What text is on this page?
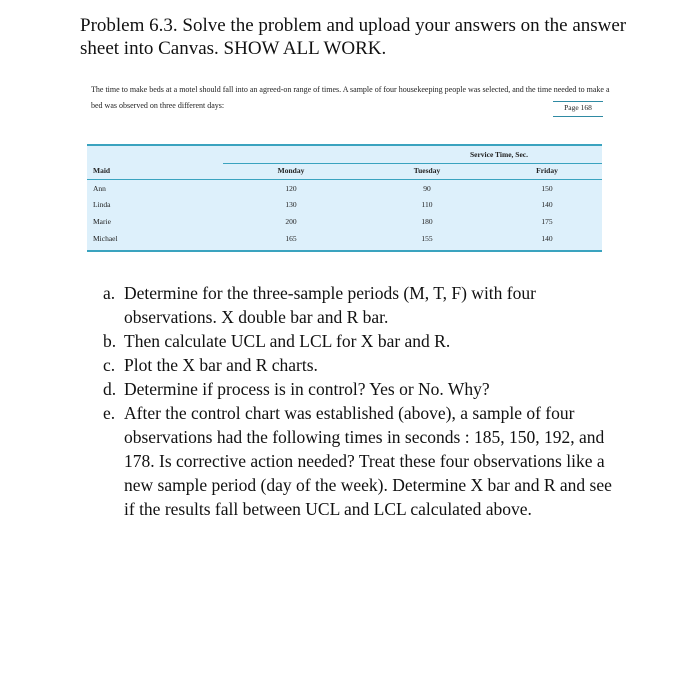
Problem 6.3. Solve the problem and upload your answers on the answer sheet into Canvas. SHOW ALL WORK.
The time to make beds at a motel should fall into an agreed-on range of times. A sample of four housekeeping people was selected, and the time needed to make a bed was observed on three different days:	Page 168
Service Time, Sec.
Maid	Monday	Tuesday	Friday
Ann	120	90	150
Linda	130	110	140
Marie	200	180	175
Michael	165	155	140
a. Determine for the three-sample periods (M, T, F) with four observations. X double bar and R bar.
b. Then calculate UCL and LCL for X bar and R.
c. Plot the X bar and R charts.
d. Determine if process is in control? Yes or No. Why?
e. After the control chart was established (above), a sample of four observations had the following times in seconds : 185, 150, 192, and 178. Is corrective action needed? Treat these four observations like a new sample period (day of the week). Determine X bar and R and see if the results fall between UCL and LCL calculated above.
